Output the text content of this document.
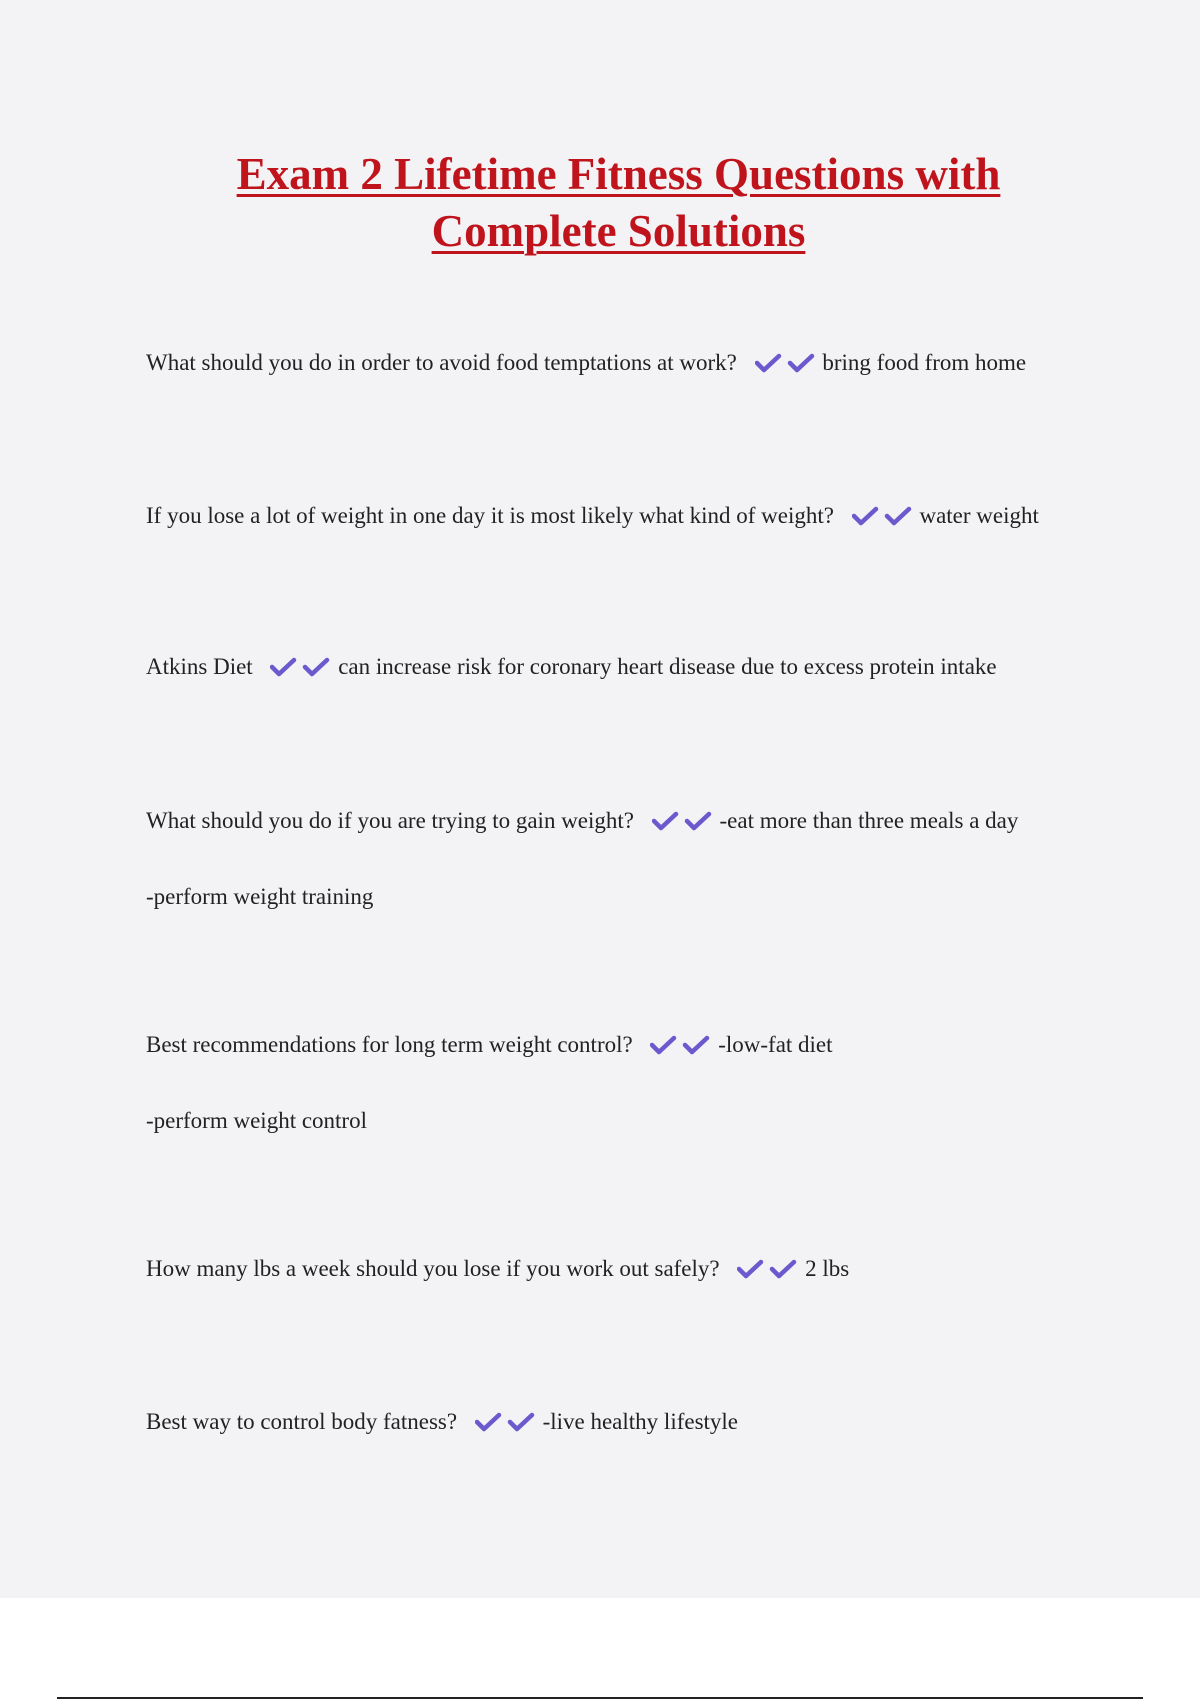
Exam 2 Lifetime Fitness Questions with
Complete Solutions
What should you do in order to avoid food temptations at work?	bring food from home
If you lose a lot of weight in one day it is most likely what kind of weight?	water weight
Atkins Diet	can increase risk for coronary heart disease due to excess protein intake
What should you do if you are trying to gain weight?	-eat more than three meals a day
-perform weight training
Best recommendations for long term weight control?	-low-fat diet
-perform weight control
How many lbs a week should you lose if you work out safely?	2 lbs
Best way to control body fatness?	-live healthy lifestyle
